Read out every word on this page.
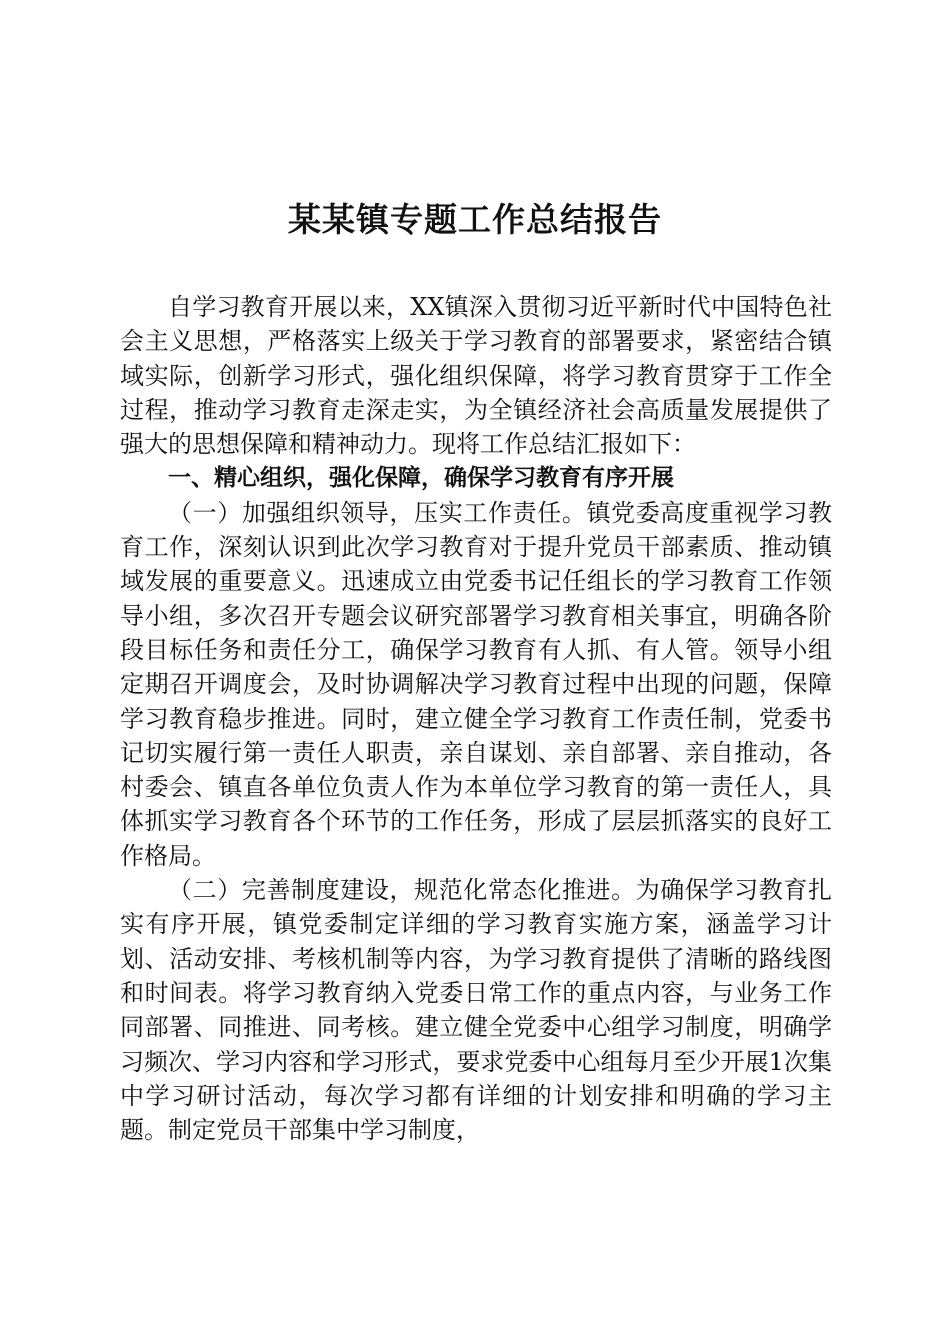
某某镇专题工作总结报告

自学习教育开展以来，XX镇深入贯彻习近平新时代中国特色社会主义思想，严格落实上级关于学习教育的部署要求，紧密结合镇域实际，创新学习形式，强化组织保障，将学习教育贯穿于工作全过程，推动学习教育走深走实，为全镇经济社会高质量发展提供了强大的思想保障和精神动力。现将工作总结汇报如下：

一、精心组织，强化保障，确保学习教育有序开展

（一）加强组织领导，压实工作责任。镇党委高度重视学习教育工作，深刻认识到此次学习教育对于提升党员干部素质、推动镇域发展的重要意义。迅速成立由党委书记任组长的学习教育工作领导小组，多次召开专题会议研究部署学习教育相关事宜，明确各阶段目标任务和责任分工，确保学习教育有人抓、有人管。领导小组定期召开调度会，及时协调解决学习教育过程中出现的问题，保障学习教育稳步推进。同时，建立健全学习教育工作责任制，党委书记切实履行第一责任人职责，亲自谋划、亲自部署、亲自推动，各村委会、镇直各单位负责人作为本单位学习教育的第一责任人，具体抓实学习教育各个环节的工作任务，形成了层层抓落实的良好工作格局。

（二）完善制度建设，规范化常态化推进。为确保学习教育扎实有序开展，镇党委制定详细的学习教育实施方案，涵盖学习计划、活动安排、考核机制等内容，为学习教育提供了清晰的路线图和时间表。将学习教育纳入党委日常工作的重点内容，与业务工作同部署、同推进、同考核。建立健全党委中心组学习制度，明确学习频次、学习内容和学习形式，要求党委中心组每月至少开展1次集中学习研讨活动，每次学习都有详细的计划安排和明确的学习主题。制定党员干部集中学习制度，
